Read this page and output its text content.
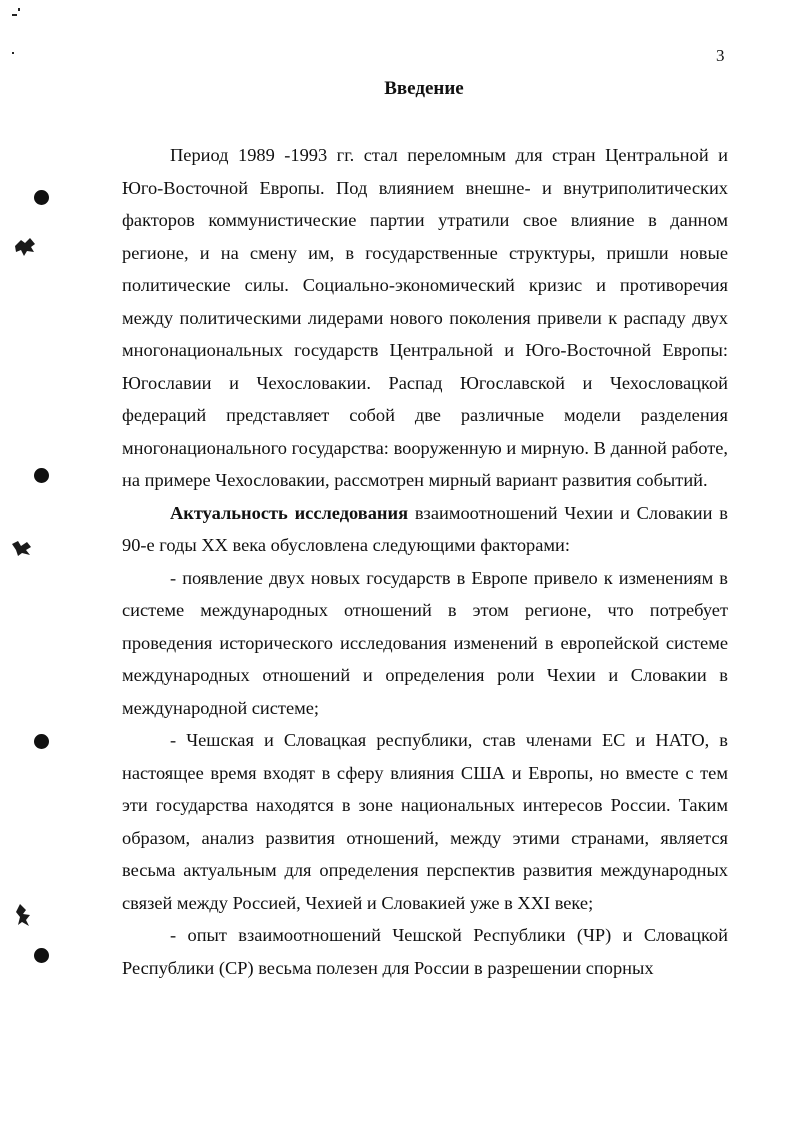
3
Введение

Период 1989 -1993 гг. стал переломным для стран Центральной и Юго-Восточной Европы. Под влиянием внешне- и внутриполитических факторов коммунистические партии утратили свое влияние в данном регионе, и на смену им, в государственные структуры, пришли новые политические силы. Социально-экономический кризис и противоречия между политическими лидерами нового поколения привели к распаду двух многонациональных государств Центральной и Юго-Восточной Европы: Югославии и Чехословакии. Распад Югославской и Чехословацкой федераций представляет собой две различные модели разделения многонационального государства: вооруженную и мирную. В данной работе, на примере Чехословакии, рассмотрен мирный вариант развития событий.

Актуальность исследования взаимоотношений Чехии и Словакии в 90-е годы XX века обусловлена следующими факторами:

- появление двух новых государств в Европе привело к изменениям в системе международных отношений в этом регионе, что потребует проведения исторического исследования изменений в европейской системе международных отношений и определения роли Чехии и Словакии в международной системе;

- Чешская и Словацкая республики, став членами ЕС и НАТО, в настоящее время входят в сферу влияния США и Европы, но вместе с тем эти государства находятся в зоне национальных интересов России. Таким образом, анализ развития отношений, между этими странами, является весьма актуальным для определения перспектив развития международных связей между Россией, Чехией и Словакией уже в XXI веке;

- опыт взаимоотношений Чешской Республики (ЧР) и Словацкой Республики (СР) весьма полезен для России в разрешении спорных
